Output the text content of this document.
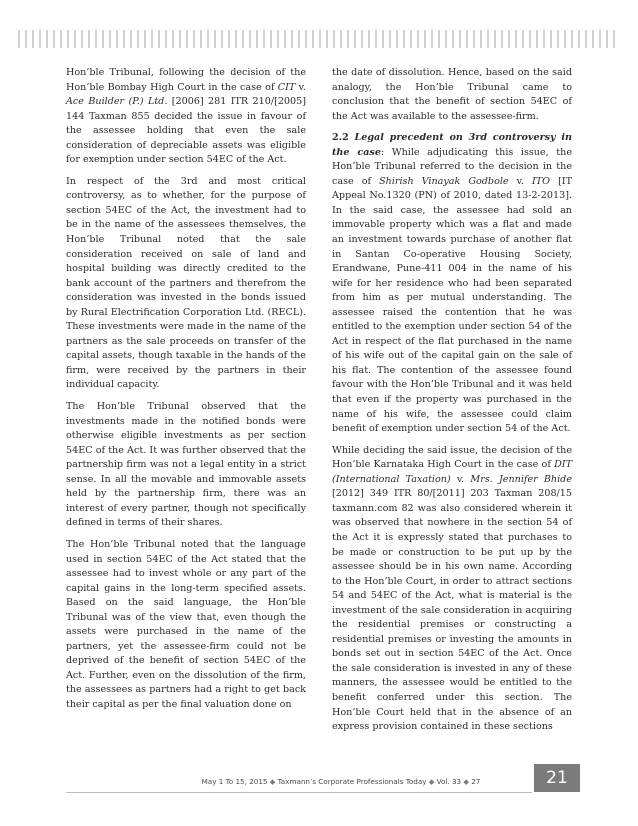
Hon’ble Tribunal, following the decision of the Hon’ble Bombay High Court in the case of CIT v. Ace Builder (P.) Ltd. [2006] 281 ITR 210/[2005] 144 Taxman 855 decided the issue in favour of the assessee holding that even the sale consideration of depreciable assets was eligible for exemption under section 54EC of the Act.

In respect of the 3rd and most critical controversy, as to whether, for the purpose of section 54EC of the Act, the investment had to be in the name of the assessees themselves, the Hon’ble Tribunal noted that the sale consideration received on sale of land and hospital building was directly credited to the bank account of the partners and therefrom the consideration was invested in the bonds issued by Rural Electrification Corporation Ltd. (RECL). These investments were made in the name of the partners as the sale proceeds on transfer of the capital assets, though taxable in the hands of the firm, were received by the partners in their individual capacity.

The Hon’ble Tribunal observed that the investments made in the notified bonds were otherwise eligible investments as per section 54EC of the Act. It was further observed that the partnership firm was not a legal entity in a strict sense. In all the movable and immovable assets held by the partnership firm, there was an interest of every partner, though not specifically defined in terms of their shares.

The Hon’ble Tribunal noted that the language used in section 54EC of the Act stated that the assessee had to invest whole or any part of the capital gains in the long-term specified assets. Based on the said language, the Hon’ble Tribunal was of the view that, even though the assets were purchased in the name of the partners, yet the assessee-firm could not be deprived of the benefit of section 54EC of the Act. Further, even on the dissolution of the firm, the assessees as partners had a right to get back their capital as per the final valuation done on

the date of dissolution. Hence, based on the said analogy, the Hon’ble Tribunal came to conclusion that the benefit of section 54EC of the Act was available to the assessee-firm.

2.2 Legal precedent on 3rd controversy in the case: While adjudicating this issue, the Hon’ble Tribunal referred to the decision in the case of Shirish Vinayak Godbole v. ITO [IT Appeal No.1320 (PN) of 2010, dated 13-2-2013]. In the said case, the assessee had sold an immovable property which was a flat and made an investment towards purchase of another flat in Santan Co-operative Housing Society, Erandwane, Pune-411 004 in the name of his wife for her residence who had been separated from him as per mutual understanding. The assessee raised the contention that he was entitled to the exemption under section 54 of the Act in respect of the flat purchased in the name of his wife out of the capital gain on the sale of his flat. The contention of the assessee found favour with the Hon’ble Tribunal and it was held that even if the property was purchased in the name of his wife, the assessee could claim benefit of exemption under section 54 of the Act.

While deciding the said issue, the decision of the Hon’ble Karnataka High Court in the case of DIT (International Taxation) v. Mrs. Jennifer Bhide [2012] 349 ITR 80/[2011] 203 Taxman 208/15 taxmann.com 82 was also considered wherein it was observed that nowhere in the section 54 of the Act it is expressly stated that purchases to be made or construction to be put up by the assessee should be in his own name. According to the Hon’ble Court, in order to attract sections 54 and 54EC of the Act, what is material is the investment of the sale consideration in acquiring the residential premises or constructing a residential premises or investing the amounts in bonds set out in section 54EC of the Act. Once the sale consideration is invested in any of these manners, the assessee would be entitled to the benefit conferred under this section. The Hon’ble Court held that in the absence of an express provision contained in these sections

May 1 To 15, 2015 ◆ Taxmann’s Corporate Professionals Today ◆ Vol. 33 ◆ 27	21
